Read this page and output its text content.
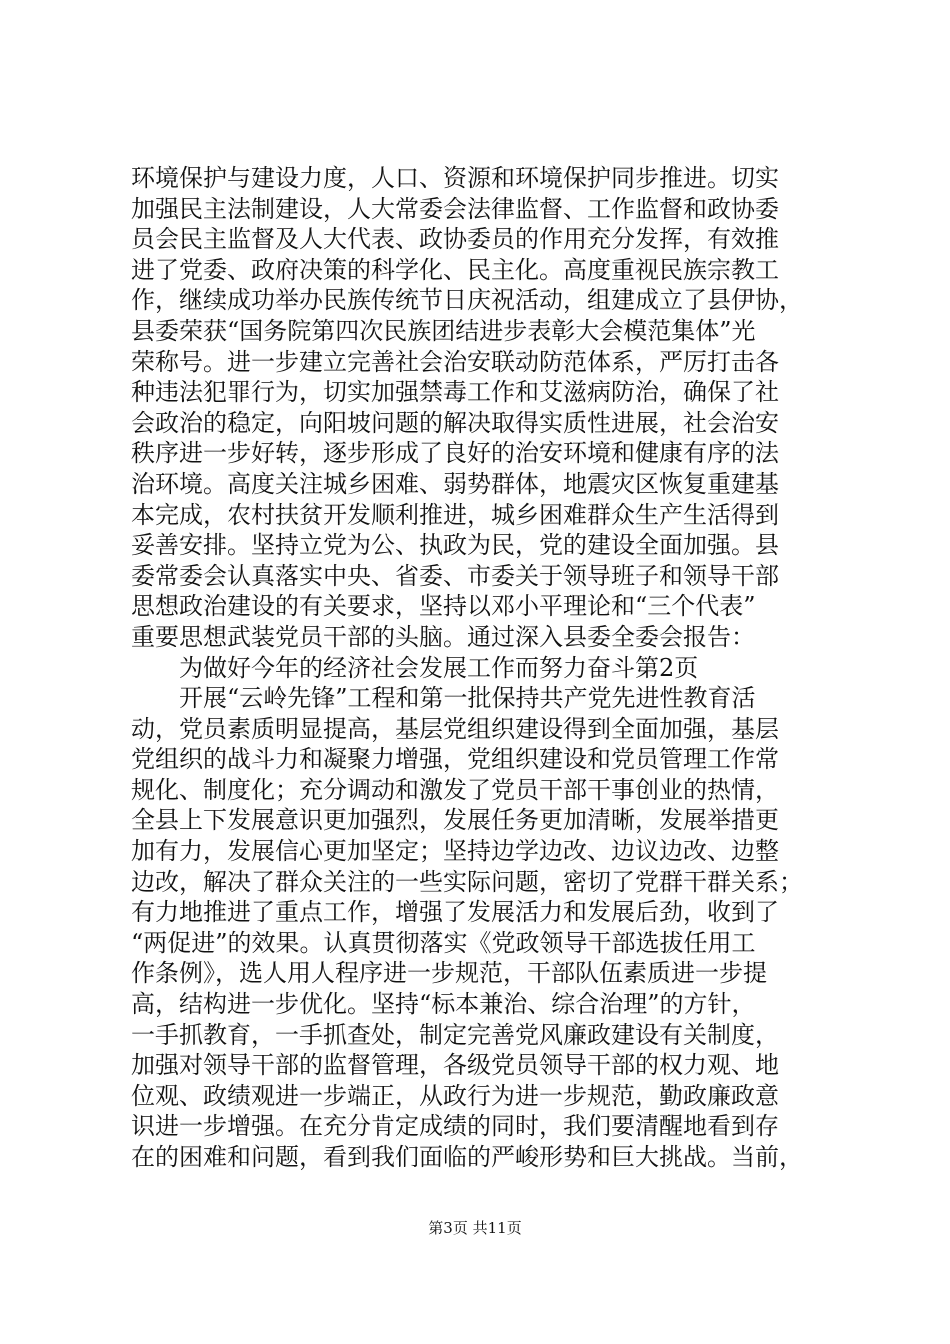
环境保护与建设力度，人口、资源和环境保护同步推进。切实
加强民主法制建设，人大常委会法律监督、工作监督和政协委
员会民主监督及人大代表、政协委员的作用充分发挥，有效推
进了党委、政府决策的科学化、民主化。高度重视民族宗教工
作，继续成功举办民族传统节日庆祝活动，组建成立了县伊协，
县委荣获“国务院第四次民族团结进步表彰大会模范集体”光
荣称号。进一步建立完善社会治安联动防范体系，严厉打击各
种违法犯罪行为，切实加强禁毒工作和艾滋病防治，确保了社
会政治的稳定，向阳坡问题的解决取得实质性进展，社会治安
秩序进一步好转，逐步形成了良好的治安环境和健康有序的法
治环境。高度关注城乡困难、弱势群体，地震灾区恢复重建基
本完成，农村扶贫开发顺利推进，城乡困难群众生产生活得到
妥善安排。坚持立党为公、执政为民，党的建设全面加强。县
委常委会认真落实中央、省委、市委关于领导班子和领导干部
思想政治建设的有关要求，坚持以邓小平理论和“三个代表”
重要思想武装党员干部的头脑。通过深入县委全委会报告：
为做好今年的经济社会发展工作而努力奋斗第2页
开展“云岭先锋”工程和第一批保持共产党先进性教育活
动，党员素质明显提高，基层党组织建设得到全面加强，基层
党组织的战斗力和凝聚力增强，党组织建设和党员管理工作常
规化、制度化；充分调动和激发了党员干部干事创业的热情，
全县上下发展意识更加强烈，发展任务更加清晰，发展举措更
加有力，发展信心更加坚定；坚持边学边改、边议边改、边整
边改，解决了群众关注的一些实际问题，密切了党群干群关系；
有力地推进了重点工作，增强了发展活力和发展后劲，收到了
“两促进”的效果。认真贯彻落实《党政领导干部选拔任用工
作条例》，选人用人程序进一步规范，干部队伍素质进一步提
高，结构进一步优化。坚持“标本兼治、综合治理”的方针，
一手抓教育，一手抓查处，制定完善党风廉政建设有关制度，
加强对领导干部的监督管理，各级党员领导干部的权力观、地
位观、政绩观进一步端正，从政行为进一步规范，勤政廉政意
识进一步增强。在充分肯定成绩的同时，我们要清醒地看到存
在的困难和问题，看到我们面临的严峻形势和巨大挑战。当前，
第3页 共11页
